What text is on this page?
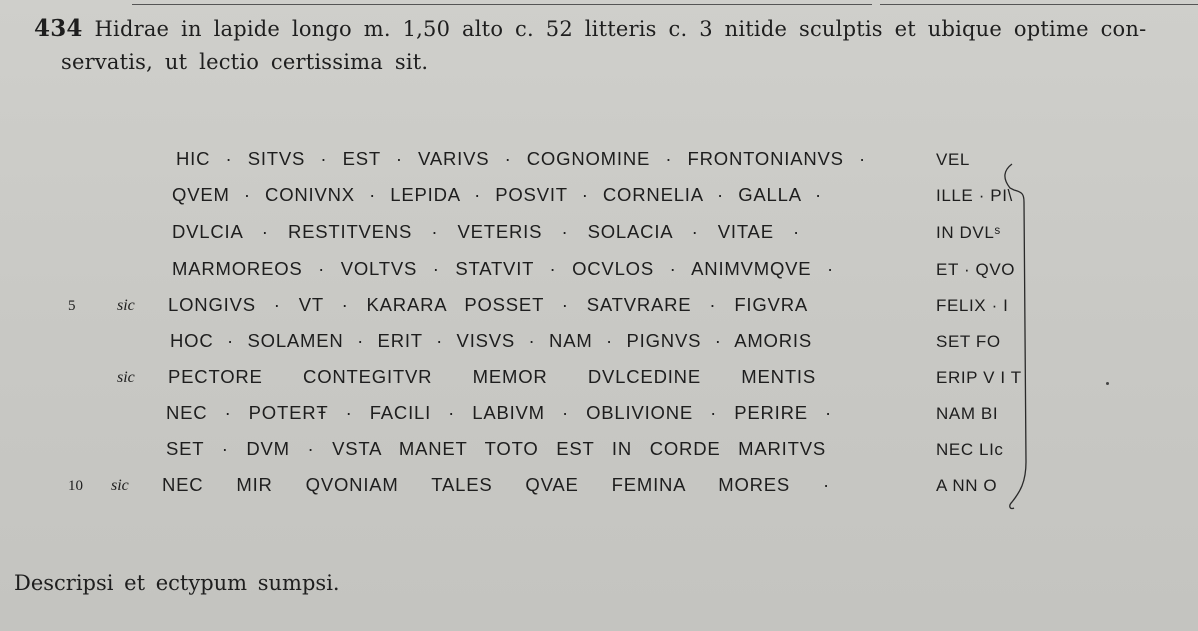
434 Hidrae in lapide longo m. 1,50 alto c. 52 litteris c. 3 nitide sculptis et ubique optime con-
servatis, ut lectio certissima sit.
HIC · SITVS · EST · VARIVS · COGNOMINE · FRONTONIANVS ·	VEL
QVEM · CONIVNX · LEPIDA · POSVIT · CORNELIA · GALLA ·	ILLE · PI\
DVLCIA · RESTITVENS · VETERIS · SOLACIA · VITAE ·	IN DVLˢ
MARMOREOS · VOLTVS · STATVIT · OCVLOS · ANIMVMQVE ·	ET · QVO
5	sic LONGIVS · VT · KARARA POSSET · SATVRARE · FIGVRA	FELIX · I
HOC · SOLAMEN · ERIT · VISVS · NAM · PIGNVS · AMORIS	SET FO
sic PECTORE CONTEGITVR MEMOR DVLCEDINE MENTIS	ERIP V I T
NEC · POTERŦ · FACILI · LABIVM · OBLIVIONE · PERIRE ·	NAM BI
SET · DVM · VSTA MANET TOTO EST IN CORDE MARITVS	NEC LIc
10 sic NEC MIR QVONIAM TALES QVAE FEMINA MORES ·	A NN O
Descripsi et ectypum sumpsi.
